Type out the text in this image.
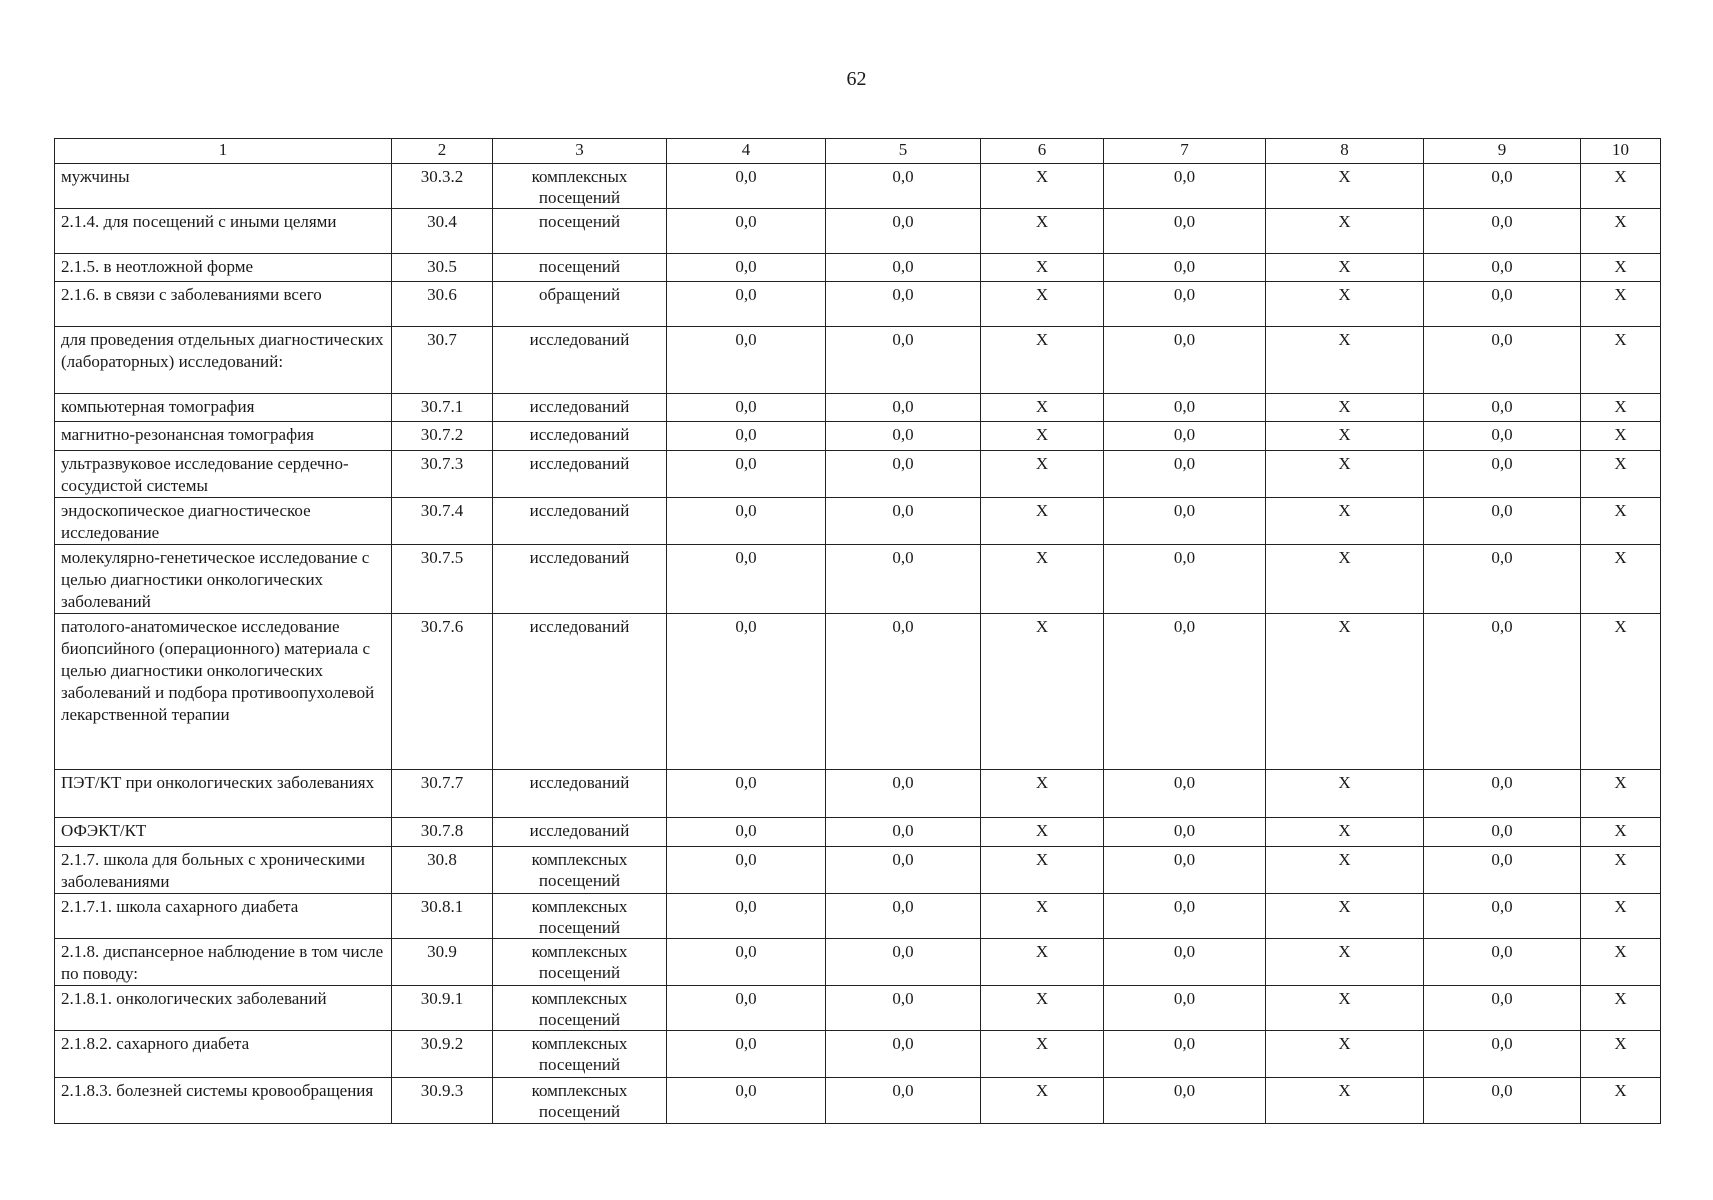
62
1	2	3	4	5	6	7	8	9	10
мужчины	30.3.2	комплексных посещений	0,0	0,0	X	0,0	X	0,0	X
2.1.4. для посещений с иными целями	30.4	посещений	0,0	0,0	X	0,0	X	0,0	X
2.1.5. в неотложной форме	30.5	посещений	0,0	0,0	X	0,0	X	0,0	X
2.1.6. в связи с заболеваниями всего	30.6	обращений	0,0	0,0	X	0,0	X	0,0	X
для проведения отдельных диагностических (лабораторных) исследований:	30.7	исследований	0,0	0,0	X	0,0	X	0,0	X
компьютерная томография	30.7.1	исследований	0,0	0,0	X	0,0	X	0,0	X
магнитно-резонансная томография	30.7.2	исследований	0,0	0,0	X	0,0	X	0,0	X
ультразвуковое исследование сердечно-сосудистой системы	30.7.3	исследований	0,0	0,0	X	0,0	X	0,0	X
эндоскопическое диагностическое исследование	30.7.4	исследований	0,0	0,0	X	0,0	X	0,0	X
молекулярно-генетическое исследование с целью диагностики онкологических заболеваний	30.7.5	исследований	0,0	0,0	X	0,0	X	0,0	X
патолого-анатомическое исследование биопсийного (операционного) материала с целью диагностики онкологических заболеваний и подбора противоопухолевой лекарственной терапии	30.7.6	исследований	0,0	0,0	X	0,0	X	0,0	X
ПЭТ/КТ при онкологических заболеваниях	30.7.7	исследований	0,0	0,0	X	0,0	X	0,0	X
ОФЭКТ/КТ	30.7.8	исследований	0,0	0,0	X	0,0	X	0,0	X
2.1.7. школа для больных с хроническими заболеваниями	30.8	комплексных посещений	0,0	0,0	X	0,0	X	0,0	X
2.1.7.1. школа сахарного диабета	30.8.1	комплексных посещений	0,0	0,0	X	0,0	X	0,0	X
2.1.8. диспансерное наблюдение в том числе по поводу:	30.9	комплексных посещений	0,0	0,0	X	0,0	X	0,0	X
2.1.8.1. онкологических заболеваний	30.9.1	комплексных посещений	0,0	0,0	X	0,0	X	0,0	X
2.1.8.2. сахарного диабета	30.9.2	комплексных посещений	0,0	0,0	X	0,0	X	0,0	X
2.1.8.3. болезней системы кровообращения	30.9.3	комплексных посещений	0,0	0,0	X	0,0	X	0,0	X
